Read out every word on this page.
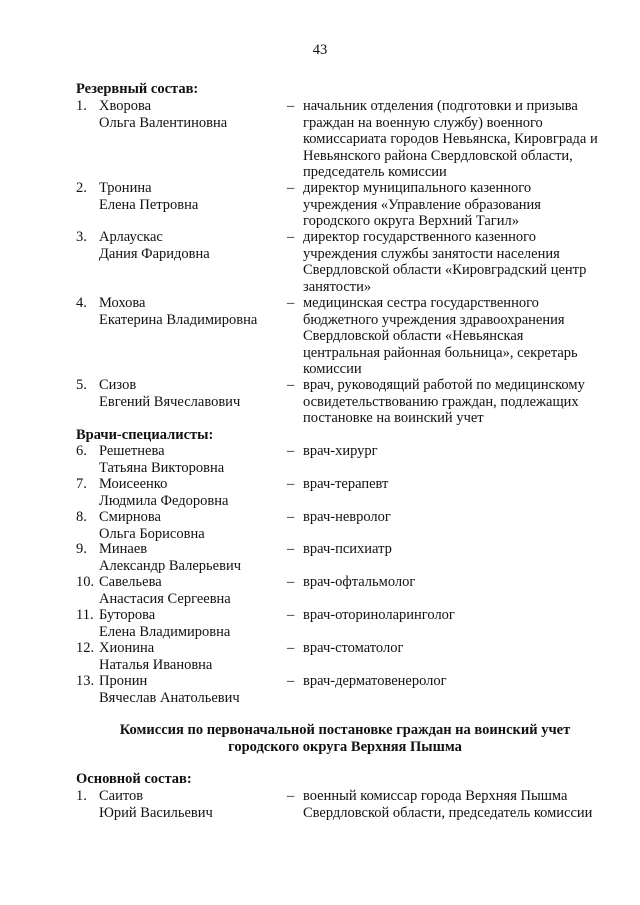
43
Резервный состав:
1. Хворова
Ольга Валентиновна
– начальник отделения (подготовки и призыва
граждан на военную службу) военного
комиссариата городов Невьянска, Кировграда и
Невьянского района Свердловской области,
председатель комиссии
2. Тронина
Елена Петровна
– директор муниципального казенного
учреждения «Управление образования
городского округа Верхний Тагил»
3. Арлаускас
Дания Фаридовна
– директор государственного казенного
учреждения службы занятости населения
Свердловской области «Кировградский центр
занятости»
4. Мохова
Екатерина Владимировна
– медицинская сестра государственного
бюджетного учреждения здравоохранения
Свердловской области «Невьянская
центральная районная больница», секретарь
комиссии
5. Сизов
Евгений Вячеславович
– врач, руководящий работой по медицинскому
освидетельствованию граждан, подлежащих
постановке на воинский учет
Врачи-специалисты:
6. Решетнева
Татьяна Викторовна
– врач-хирург
7. Моисеенко
Людмила Федоровна
– врач-терапевт
8. Смирнова
Ольга Борисовна
– врач-невролог
9. Минаев
Александр Валерьевич
– врач-психиатр
10. Савельева
Анастасия Сергеевна
– врач-офтальмолог
11. Буторова
Елена Владимировна
– врач-оториноларинголог
12. Хионина
Наталья Ивановна
– врач-стоматолог
13. Пронин
Вячеслав Анатольевич
– врач-дерматовенеролог
Комиссия по первоначальной постановке граждан на воинский учет
городского округа Верхняя Пышма
Основной состав:
1. Саитов
Юрий Васильевич
– военный комиссар города Верхняя Пышма
Свердловской области, председатель комиссии
